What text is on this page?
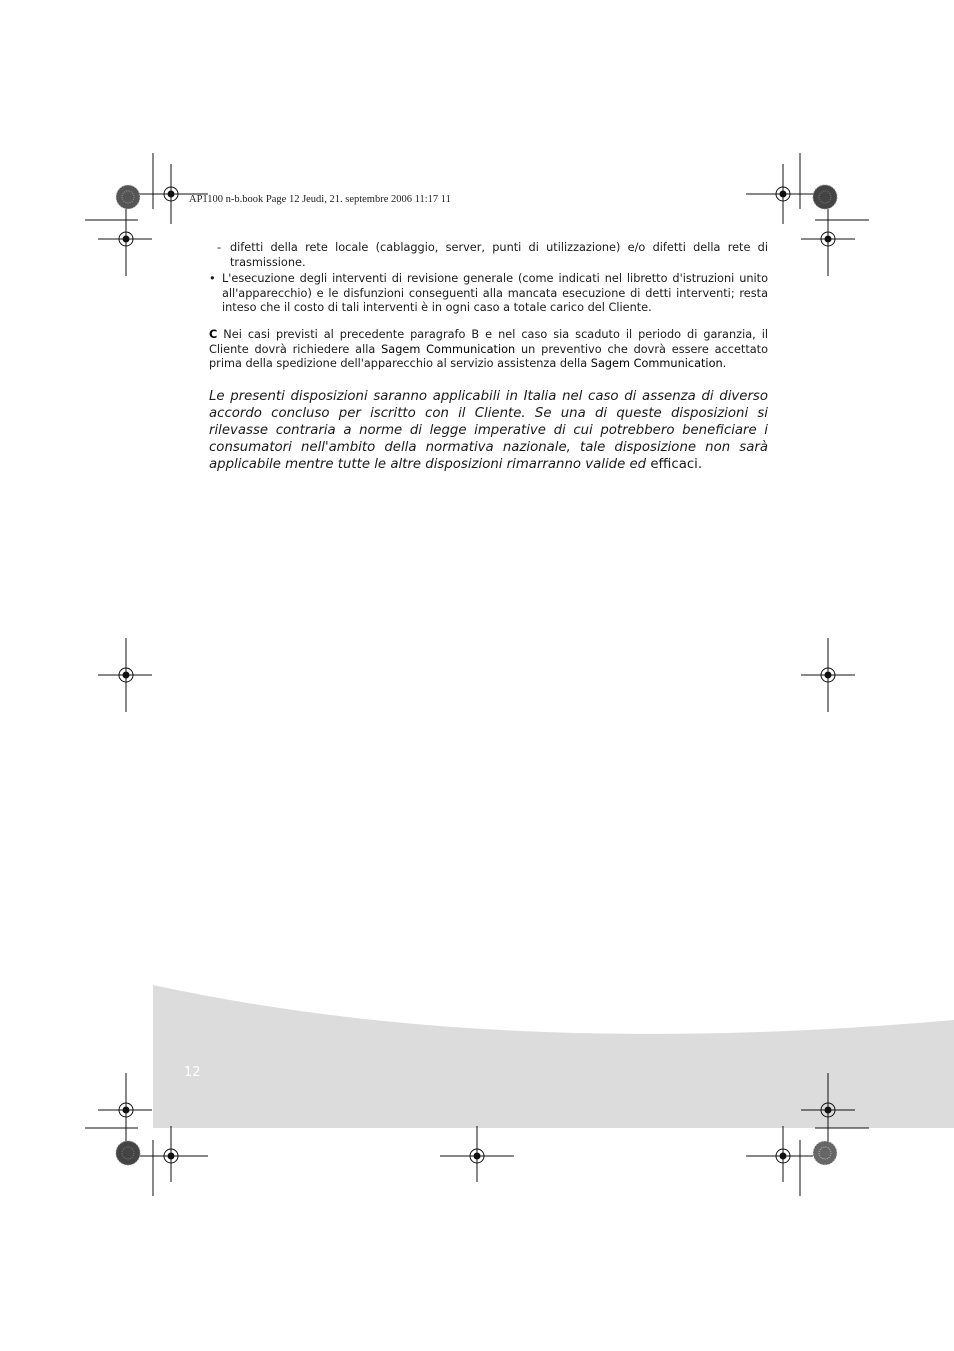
AP1100 n-b.book Page 12 Jeudi, 21. septembre 2006 11:17 11
- difetti della rete locale (cablaggio, server, punti di utilizzazione) e/o difetti della rete di trasmissione.
• L'esecuzione degli interventi di revisione generale (come indicati nel libretto d'istruzioni unito all'apparecchio) e le disfunzioni conseguenti alla mancata esecuzione di detti interventi; resta inteso che il costo di tali interventi è in ogni caso a totale carico del Cliente.
C Nei casi previsti al precedente paragrafo B e nel caso sia scaduto il periodo di garanzia, il Cliente dovrà richiedere alla Sagem Communication un preventivo che dovrà essere accettato prima della spedizione dell'apparecchio al servizio assistenza della Sagem Communication.
Le presenti disposizioni saranno applicabili in Italia nel caso di assenza di diverso accordo concluso per iscritto con il Cliente. Se una di queste disposizioni si rilevasse contraria a norme di legge imperative di cui potrebbero beneficiare i consumatori nell'ambito della normativa nazionale, tale disposizione non sarà applicabile mentre tutte le altre disposizioni rimarranno valide ed efficaci.
12
